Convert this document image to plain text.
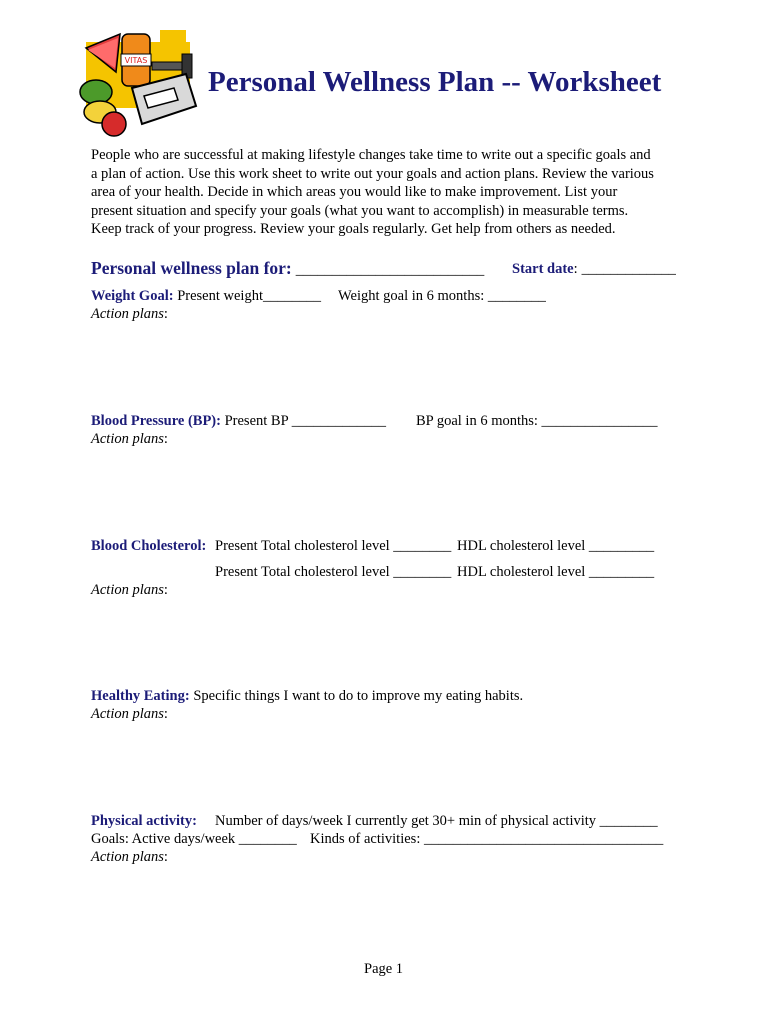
VITAS
Personal Wellness Plan -- Worksheet
People who are successful at making lifestyle changes take time to write out a specific goals and
a plan of action. Use this work sheet to write out your goals and action plans. Review the various
area of your health. Decide in which areas you would like to make improvement. List your
present situation and specify your goals (what you want to accomplish) in measurable terms.
Keep track of your progress. Review your goals regularly. Get help from others as needed.
Personal wellness plan for: __________________________ Start date: _____________
Weight Goal: Present weight________ Weight goal in 6 months: ________
Action plans:
Blood Pressure (BP): Present BP _____________ BP goal in 6 months: ________________
Action plans:
Blood Cholesterol: Present Total cholesterol level ________ HDL cholesterol level _________
Present Total cholesterol level ________ HDL cholesterol level _________
Action plans:
Healthy Eating: Specific things I want to do to improve my eating habits.
Action plans:
Physical activity: Number of days/week I currently get 30+ min of physical activity ________
Goals: Active days/week ________ Kinds of activities: _________________________________
Action plans:
Page 1
